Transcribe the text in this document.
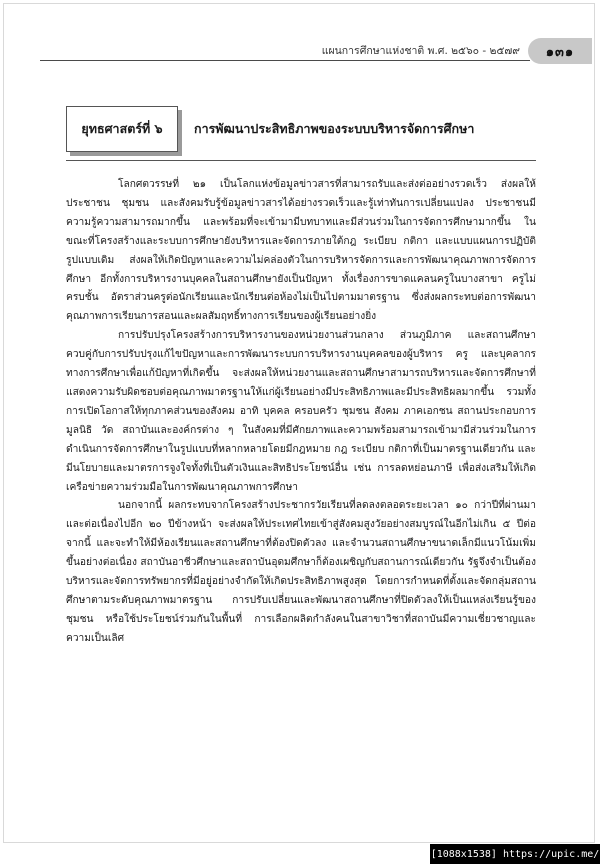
แผนการศึกษาแห่งชาติ พ.ศ. ๒๕๖๐ - ๒๕๗๙	๑๓๑
ยุทธศาสตร์ที่ ๖	การพัฒนาประสิทธิภาพของระบบบริหารจัดการศึกษา

โลกศตวรรษที่ ๒๑ เป็นโลกแห่งข้อมูลข่าวสารที่สามารถรับและส่งต่ออย่างรวดเร็ว ส่งผลให้ประชาชน ชุมชน และสังคมรับรู้ข้อมูลข่าวสารได้อย่างรวดเร็วและรู้เท่าทันการเปลี่ยนแปลง ประชาชนมีความรู้ความสามารถมากขึ้น และพร้อมที่จะเข้ามามีบทบาทและมีส่วนร่วมในการจัดการศึกษามากขึ้น ในขณะที่โครงสร้างและระบบการศึกษายังบริหารและจัดการภายใต้กฎ ระเบียบ กติกา และแบบแผนการปฏิบัติรูปแบบเดิม ส่งผลให้เกิดปัญหาและความไม่คล่องตัวในการบริหารจัดการและการพัฒนาคุณภาพการจัดการศึกษา อีกทั้งการบริหารงานบุคคลในสถานศึกษายังเป็นปัญหา ทั้งเรื่องการขาดแคลนครูในบางสาขา ครูไม่ครบชั้น อัตราส่วนครูต่อนักเรียนและนักเรียนต่อห้องไม่เป็นไปตามมาตรฐาน ซึ่งส่งผลกระทบต่อการพัฒนาคุณภาพการเรียนการสอนและผลสัมฤทธิ์ทางการเรียนของผู้เรียนอย่างยิ่ง

การปรับปรุงโครงสร้างการบริหารงานของหน่วยงานส่วนกลาง ส่วนภูมิภาค และสถานศึกษาควบคู่กับการปรับปรุงแก้ไขปัญหาและการพัฒนาระบบการบริหารงานบุคคลของผู้บริหาร ครู และบุคลากรทางการศึกษาเพื่อแก้ปัญหาที่เกิดขึ้น จะส่งผลให้หน่วยงานและสถานศึกษาสามารถบริหารและจัดการศึกษาที่แสดงความรับผิดชอบต่อคุณภาพมาตรฐานให้แก่ผู้เรียนอย่างมีประสิทธิภาพและมีประสิทธิผลมากขึ้น รวมทั้งการเปิดโอกาสให้ทุกภาคส่วนของสังคม อาทิ บุคคล ครอบครัว ชุมชน สังคม ภาคเอกชน สถานประกอบการ มูลนิธิ วัด สถาบันและองค์กรต่าง ๆ ในสังคมที่มีศักยภาพและความพร้อมสามารถเข้ามามีส่วนร่วมในการดำเนินการจัดการศึกษาในรูปแบบที่หลากหลายโดยมีกฎหมาย กฎ ระเบียบ กติกาที่เป็นมาตรฐานเดียวกัน และมีนโยบายและมาตรการจูงใจทั้งที่เป็นตัวเงินและสิทธิประโยชน์อื่น เช่น การลดหย่อนภาษี เพื่อส่งเสริมให้เกิดเครือข่ายความร่วมมือในการพัฒนาคุณภาพการศึกษา

นอกจากนี้ ผลกระทบจากโครงสร้างประชากรวัยเรียนที่ลดลงตลอดระยะเวลา ๑๐ กว่าปีที่ผ่านมาและต่อเนื่องไปอีก ๒๐ ปีข้างหน้า จะส่งผลให้ประเทศไทยเข้าสู่สังคมสูงวัยอย่างสมบูรณ์ในอีกไม่เกิน ๕ ปีต่อจากนี้ และจะทำให้มีห้องเรียนและสถานศึกษาที่ต้องปิดตัวลง และจำนวนสถานศึกษาขนาดเล็กมีแนวโน้มเพิ่มขึ้นอย่างต่อเนื่อง สถาบันอาชีวศึกษาและสถาบันอุดมศึกษาก็ต้องเผชิญกับสถานการณ์เดียวกัน รัฐจึงจำเป็นต้องบริหารและจัดการทรัพยากรที่มีอยู่อย่างจำกัดให้เกิดประสิทธิภาพสูงสุด โดยการกำหนดที่ตั้งและจัดกลุ่มสถานศึกษาตามระดับคุณภาพมาตรฐาน การปรับเปลี่ยนและพัฒนาสถานศึกษาที่ปิดตัวลงให้เป็นแหล่งเรียนรู้ของชุมชน หรือใช้ประโยชน์ร่วมกันในพื้นที่ การเลือกผลิตกำลังคนในสาขาวิชาที่สถาบันมีความเชี่ยวชาญและความเป็นเลิศ

[1088x1538] https://upic.me/
